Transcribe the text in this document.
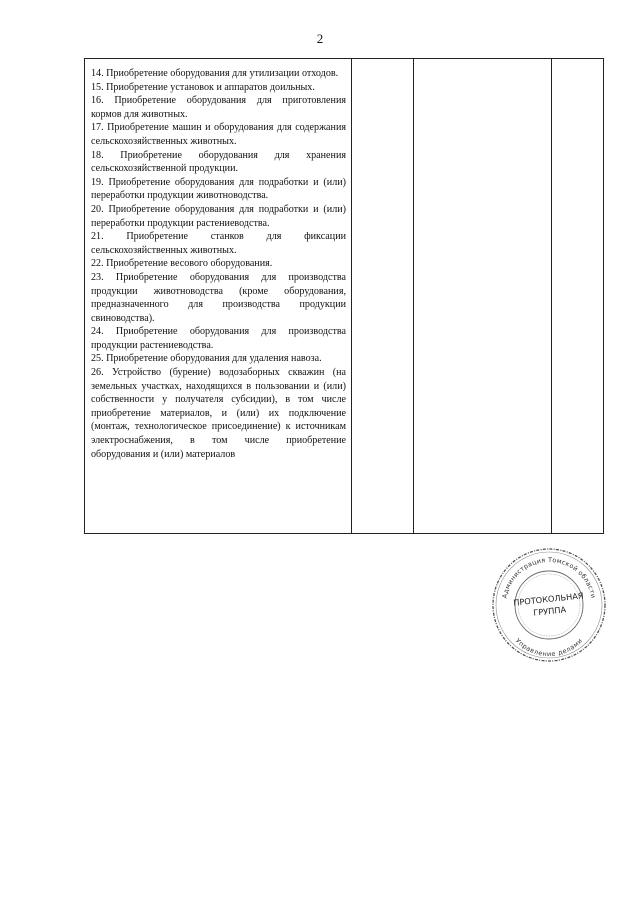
2
14. Приобретение оборудования для утилизации отходов.
15. Приобретение установок и аппаратов доильных.
16. Приобретение оборудования для приготовления кормов для животных.
17. Приобретение машин и оборудования для содержания сельскохозяйственных животных.
18. Приобретение оборудования для хранения сельскохозяйственной продукции.
19. Приобретение оборудования для подработки и (или) переработки продукции животноводства.
20. Приобретение оборудования для подработки и (или) переработки продукции растениеводства.
21. Приобретение станков для фиксации сельскохозяйственных животных.
22. Приобретение весового оборудования.
23. Приобретение оборудования для производства продукции животноводства (кроме оборудования, предназначенного для производства продукции свиноводства).
24. Приобретение оборудования для производства продукции растениеводства.
25. Приобретение оборудования для удаления навоза.
26. Устройство (бурение) водозаборных скважин (на земельных участках, находящихся в пользовании и (или) собственности у получателя субсидии), в том числе приобретение материалов, и (или) их подключение (монтаж, технологическое присоединение) к источникам электроснабжения, в том числе приобретение оборудования и (или) материалов

Администрация Томской области
Управление делами
ПРОТОКОЛЬНАЯ
ГРУППА
